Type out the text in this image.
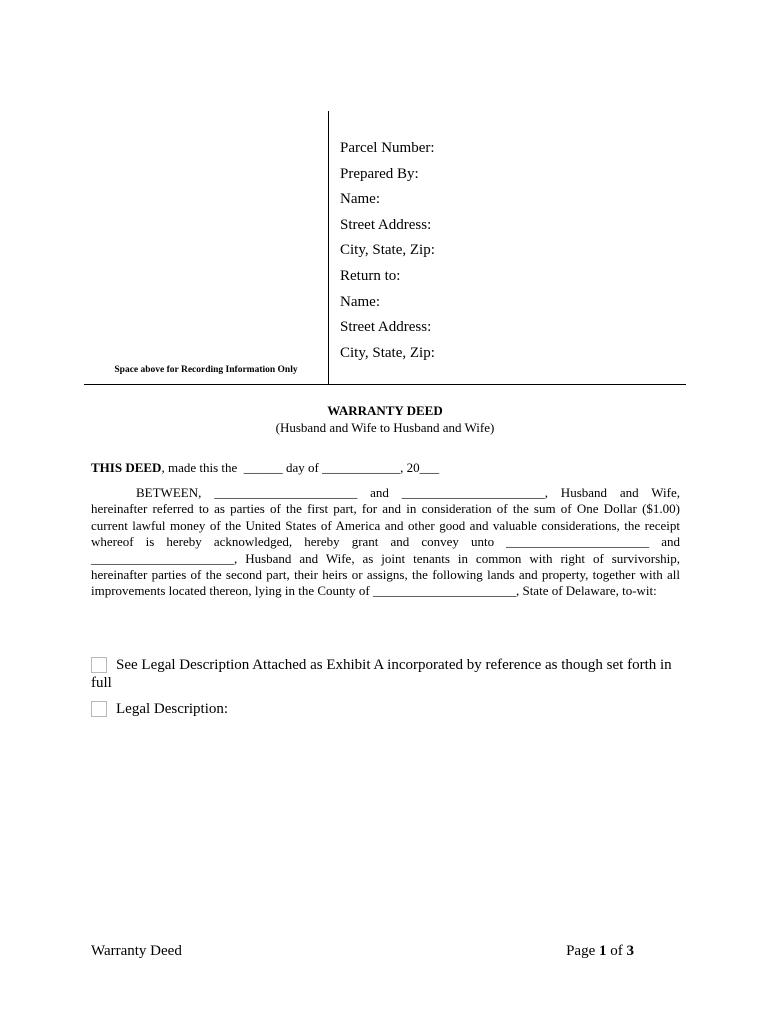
Parcel Number:
Prepared By:
Name:
Street Address:
City, State, Zip:
Return to:
Name:
Street Address:
City, State, Zip:
Space above for Recording Information Only
WARRANTY DEED
(Husband and Wife to Husband and Wife)
THIS DEED, made this the  ______ day of ____________, 20___

BETWEEN, ______________________ and ______________________, Husband and Wife, hereinafter referred to as parties of the first part, for and in consideration of the sum of One Dollar ($1.00) current lawful money of the United States of America and other good and valuable considerations, the receipt whereof is hereby acknowledged, hereby grant and convey unto ______________________ and ______________________, Husband and Wife, as joint tenants in common with right of survivorship, hereinafter parties of the second part, their heirs or assigns, the following lands and property, together with all improvements located thereon, lying in the County of ______________________, State of Delaware, to-wit:

See Legal Description Attached as Exhibit A incorporated by reference as though set forth in full
Legal Description:
Warranty Deed	Page 1 of 3
